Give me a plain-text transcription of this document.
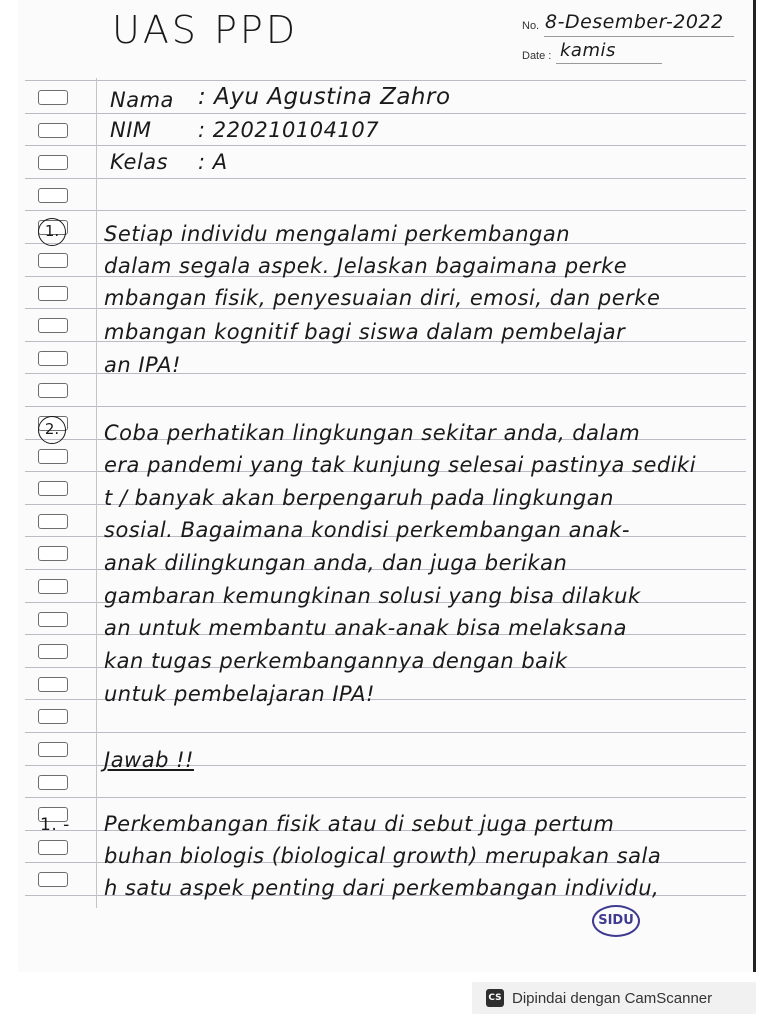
UAS PPD	No. 8-Desember-2022
Date : kamis
Nama : Ayu Agustina Zahro
NIM : 220210104107
Kelas : A
1.	Setiap individu mengalami perkembangan
dalam segala aspek. Jelaskan bagaimana perke
mbangan fisik, penyesuaian diri, emosi, dan perke
mbangan kognitif bagi siswa dalam pembelajar
an IPA!
2.	Coba perhatikan lingkungan sekitar anda, dalam
era pandemi yang tak kunjung selesai pastinya sediki
t / banyak akan berpengaruh pada lingkungan
sosial. Bagaimana kondisi perkembangan anak-
anak dilingkungan anda, dan juga berikan
gambaran kemungkinan solusi yang bisa dilakuk
an untuk membantu anak-anak bisa melaksana
kan tugas perkembangannya dengan baik
untuk pembelajaran IPA!
Jawab !!
1. - Perkembangan fisik atau di sebut juga pertum
buhan biologis (biological growth) merupakan sala
h satu aspek penting dari perkembangan individu,
SIDU
CS Dipindai dengan CamScanner
